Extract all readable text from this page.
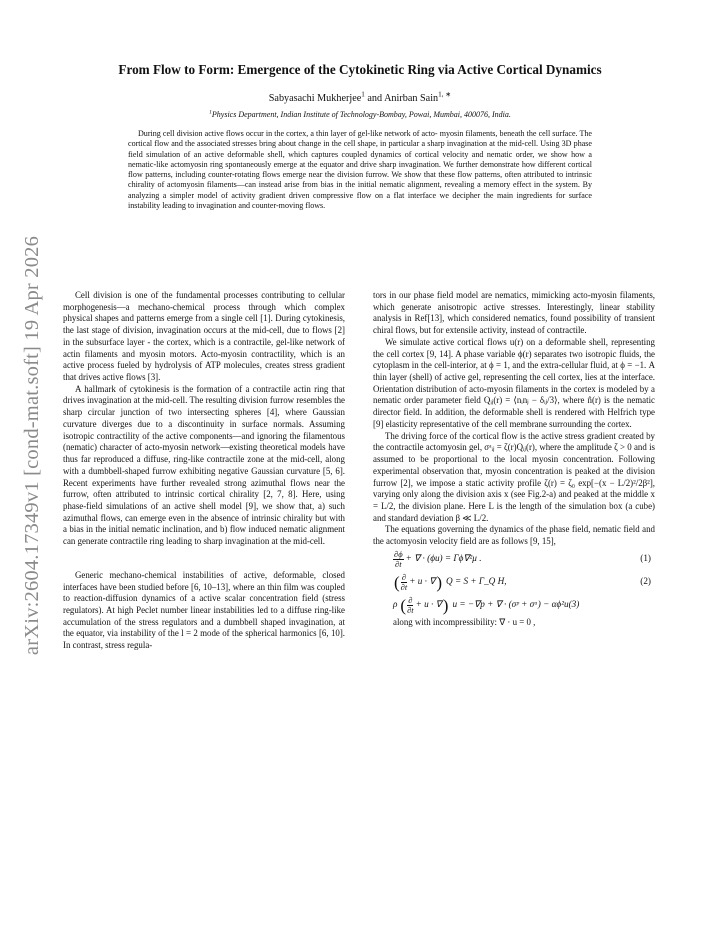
arXiv:2604.17349v1 [cond-mat.soft] 19 Apr 2026
From Flow to Form: Emergence of the Cytokinetic Ring via Active Cortical Dynamics
Sabyasachi Mukherjee$^1$ and Anirban Sain$^{1, ∗}$
$^1$Physics Department, Indian Institute of Technology-Bombay, Powai, Mumbai, 400076, India.

During cell division active flows occur in the cortex, a thin layer of gel-like network of acto- myosin filaments, beneath the cell surface. The cortical flow and the associated stresses bring about change in the cell shape, in particular a sharp invagination at the mid-cell. Using 3D phase field simulation of an active deformable shell, which captures coupled dynamics of cortical velocity and nematic order, we show how a nematic-like actomyosin ring spontaneously emerge at the equator and drive sharp invagination. We further demonstrate how different cortical flow patterns, including counter-rotating flows emerge near the division furrow. We show that these flow patterns, often attributed to intrinsic chirality of actomyosin filaments—can instead arise from bias in the initial nematic alignment, revealing a memory effect in the system. By analyzing a simpler model of activity gradient driven compressive flow on a flat interface we decipher the main ingredients for surface instability leading to invagination and counter-moving flows.

Cell division is one of the fundamental processes contributing to cellular morphogenesis—a mechano-chemical process through which complex physical shapes and patterns emerge from a single cell [1]. During cytokinesis, the last stage of division, invagination occurs at the mid-cell, due to flows [2] in the subsurface layer - the cortex, which is a contractile, gel-like network of actin filaments and myosin motors. Acto-myosin contractility, which is an active process fueled by hydrolysis of ATP molecules, creates stress gradient that drives active flows [3].

A hallmark of cytokinesis is the formation of a contractile actin ring that drives invagination at the mid-cell. The resulting division furrow resembles the sharp circular junction of two intersecting spheres [4], where Gaussian curvature diverges due to a discontinuity in surface normals. Assuming isotropic contractility of the active components—and ignoring the filamentous (nematic) character of acto-myosin network—existing theoretical models have thus far reproduced a diffuse, ring-like contractile zone at the mid-cell, along with a dumbbell-shaped furrow exhibiting negative Gaussian curvature [5, 6]. Recent experiments have further revealed strong azimuthal flows near the furrow, often attributed to intrinsic cortical chirality [2, 7, 8]. Here, using phase-field simulations of an active shell model [9], we show that, a) such azimuthal flows, can emerge even in the absence of intrinsic chirality but with a bias in the initial nematic inclination, and b) flow induced nematic alignment can generate contractile ring leading to sharp invagination at the mid-cell.

Generic mechano-chemical instabilities of active, deformable, closed interfaces have been studied before [6, 10–13], where an thin film was coupled to reaction-diffusion dynamics of a active scalar concentration field (stress regulators). At high Peclet number linear instabilities led to a diffuse ring-like accumulation of the stress regulators and a dumbbell shaped invagination, at the equator, via instability of the l = 2 mode of the spherical harmonics [6, 10]. In contrast, stress regula-

tors in our phase field model are nematics, mimicking acto-myosin filaments, which generate anisotropic active stresses. Interestingly, linear stability analysis in Ref[13], which considered nematics, found possibility of transient chiral flows, but for extensile activity, instead of contractile.

We simulate active cortical flows u(r) on a deformable shell, representing the cell cortex [9, 14]. A phase variable ϕ(r) separates two isotropic fluids, the cytoplasm in the cell-interior, at ϕ = 1, and the extra-cellular fluid, at ϕ = −1. A thin layer (shell) of active gel, representing the cell cortex, lies at the interface. Orientation distribution of acto-myosin filaments in the cortex is modeled by a nematic order parameter field Qᵢⱼ(r) = ⟨nᵢnⱼ − δᵢⱼ/3⟩, where n̂(r) is the nematic director field. In addition, the deformable shell is rendered with Helfrich type [9] elasticity representative of the cell membrane surrounding the cortex.

The driving force of the cortical flow is the active stress gradient created by the contractile actomyosin gel, σᵃᵢⱼ = ζ(r)Qᵢⱼ(r), where the amplitude ζ > 0 and is assumed to be proportional to the local myosin concentration. Following experimental observation that, myosin concentration is peaked at the division furrow [2], we impose a static activity profile ζ(r) = ζ₀ exp[−(x − L/2)²/2β²], varying only along the division axis x (see Fig.2-a) and peaked at the middle x = L/2, the division plane. Here L is the length of the simulation box (a cube) and standard deviation β ≪ L/2.

The equations governing the dynamics of the phase field, nematic field and the actomyosin velocity field are as follows [9, 15],

$\frac{\partial\phi}{\partial t}$ + ∇ · (ϕu) = Γϕ∇²μ .	(1)
( $\frac{\partial}{\partial t} + u$ · ∇ ) Q = S + Γ_Q H,	(2)
ρ ( $\frac{\partial}{\partial t} + u$ · ∇ ) u = −∇p + ∇ · (σᵖ + σᵃ) − αϕ²u(3)
along with incompressibility: ∇ · u = 0 ,
